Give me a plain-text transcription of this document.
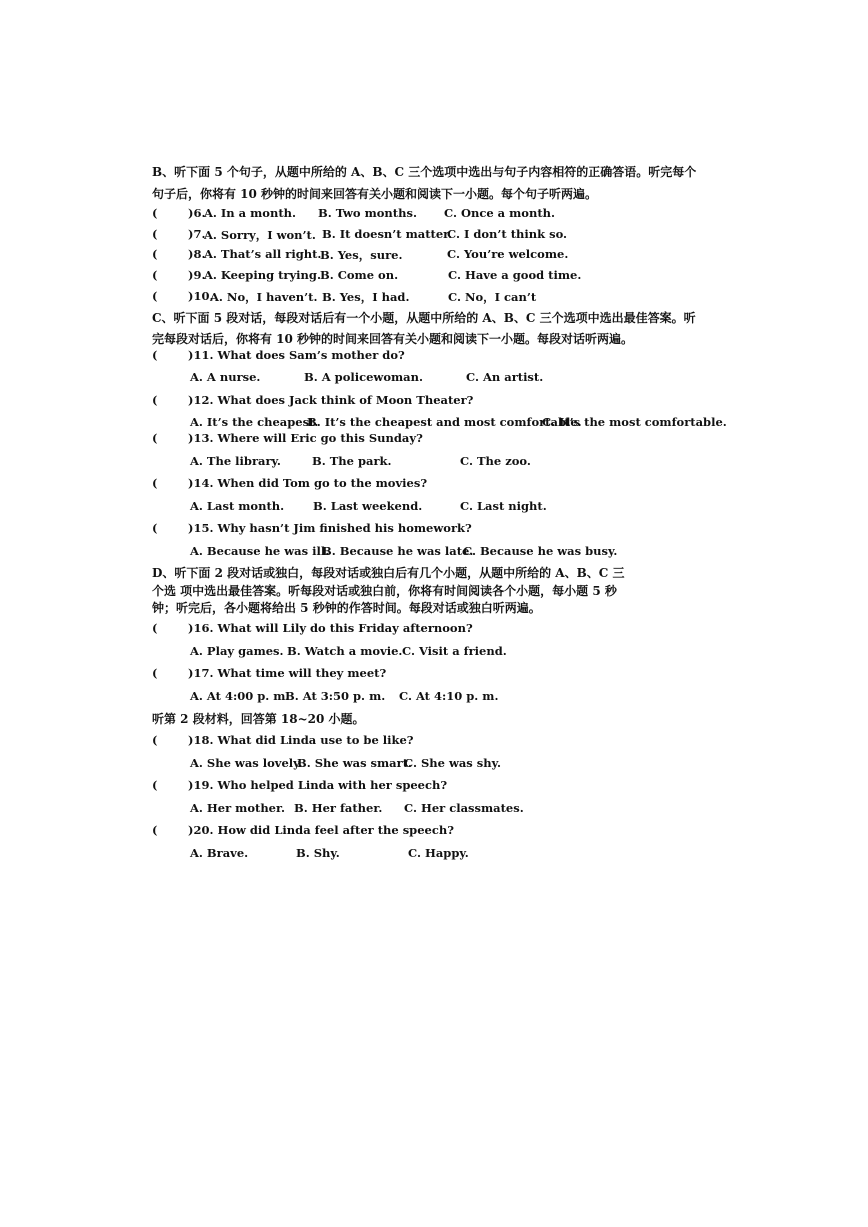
B、听下面 5 个句子，从题中所给的 A、B、C 三个选项中选出与句子内容相符的正确答语。听完每个
句子后，你将有 10 秒钟的时间来回答有关小题和阅读下一小题。每个句子听两遍。
(	)6.
A. In a month. B. Two months. C. Once a month.
(	)7.
A. Sorry，I won’t. B. It doesn’t matter.
C. I don’t think so.
(	)8.
A. That’s all right.
B. Yes，sure.	C. You’re welcome.
(	)9.
A. Keeping trying. B. Come on.	C. Have a good time.
(	)10.
A. No，I haven’t. B. Yes，I had.	C. No，I can’t
C、听下面 5 段对话，每段对话后有一个小题，从题中所给的 A、B、C 三个选项中选出最佳答案。听
完每段对话后，你将有 10 秒钟的时间来回答有关小题和阅读下一小题。每段对话听两遍。
(	)11. What does Sam’s mother do?
A. A nurse.	B. A policewoman.	C. An artist.
(	)12. What does Jack think of Moon Theater?
A. It’s the cheapest.
B. It’s the cheapest and most comfortable.
C. It’s the most comfortable.
(	)13. Where will Eric go this Sunday?
A. The library.	B. The park.	C. The zoo.
(	)14. When did Tom go to the movies?
A. Last month.	B. Last weekend.	C. Last night.
(	)15. Why hasn’t Jim finished his homework?
A. Because he was ill.
B. Because he was late.
C. Because he was busy.
D、听下面 2 段对话或独白，每段对话或独白后有几个小题，从题中所给的 A、B、C 三
个选 项中选出最佳答案。听每段对话或独白前，你将有时间阅读各个小题，每小题 5 秒
钟；听完后，各小题将给出 5 秒钟的作答时间。每段对话或独白听两遍。
(	)16. What will Lily do this Friday afternoon?
A. Play games. B. Watch a movie. C. Visit a friend.
(	)17. What time will they meet?
A. At 4:00 p. m.
B. At 3:50 p. m. C. At 4:10 p. m.
听第 2 段材料，回答第 18~20 小题。
(	)18. What did Linda use to be like?
A. She was lovely.
B. She was smart.
C. She was shy.
(	)19. Who helped Linda with her speech?
A. Her mother. B. Her father. C. Her classmates.
(	)20. How did Linda feel after the speech?
A. Brave.	B. Shy.	C. Happy.
